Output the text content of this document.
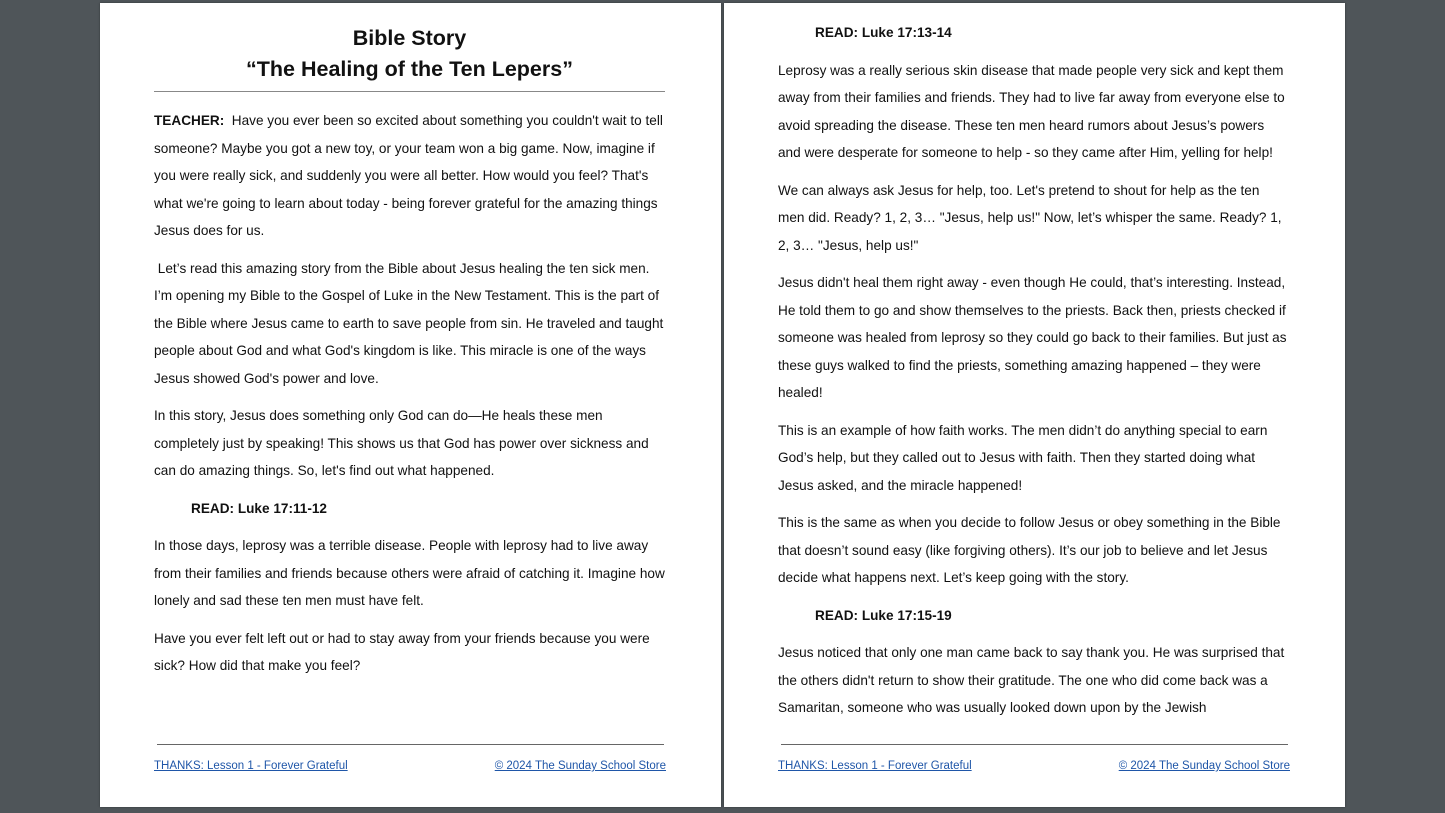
Bible Story
“The Healing of the Ten Lepers”

TEACHER: Have you ever been so excited about something you couldn't wait to tell someone? Maybe you got a new toy, or your team won a big game. Now, imagine if you were really sick, and suddenly you were all better. How would you feel? That's what we're going to learn about today - being forever grateful for the amazing things Jesus does for us.

Let’s read this amazing story from the Bible about Jesus healing the ten sick men. I’m opening my Bible to the Gospel of Luke in the New Testament. This is the part of the Bible where Jesus came to earth to save people from sin. He traveled and taught people about God and what God's kingdom is like. This miracle is one of the ways Jesus showed God's power and love.

In this story, Jesus does something only God can do—He heals these men completely just by speaking! This shows us that God has power over sickness and can do amazing things. So, let's find out what happened.

READ: Luke 17:11-12

In those days, leprosy was a terrible disease. People with leprosy had to live away from their families and friends because others were afraid of catching it. Imagine how lonely and sad these ten men must have felt.

Have you ever felt left out or had to stay away from your friends because you were sick? How did that make you feel?

THANKS: Lesson 1 - Forever Grateful	© 2024 The Sunday School Store

READ: Luke 17:13-14

Leprosy was a really serious skin disease that made people very sick and kept them away from their families and friends. They had to live far away from everyone else to avoid spreading the disease. These ten men heard rumors about Jesus’s powers and were desperate for someone to help - so they came after Him, yelling for help!

We can always ask Jesus for help, too. Let's pretend to shout for help as the ten men did. Ready? 1, 2, 3… "Jesus, help us!" Now, let’s whisper the same. Ready? 1, 2, 3… "Jesus, help us!"

Jesus didn't heal them right away - even though He could, that’s interesting. Instead, He told them to go and show themselves to the priests. Back then, priests checked if someone was healed from leprosy so they could go back to their families. But just as these guys walked to find the priests, something amazing happened – they were healed!

This is an example of how faith works. The men didn’t do anything special to earn God’s help, but they called out to Jesus with faith. Then they started doing what Jesus asked, and the miracle happened!

This is the same as when you decide to follow Jesus or obey something in the Bible that doesn’t sound easy (like forgiving others). It’s our job to believe and let Jesus decide what happens next. Let’s keep going with the story.

READ: Luke 17:15-19

Jesus noticed that only one man came back to say thank you. He was surprised that the others didn't return to show their gratitude. The one who did come back was a Samaritan, someone who was usually looked down upon by the Jewish

THANKS: Lesson 1 - Forever Grateful	© 2024 The Sunday School Store
